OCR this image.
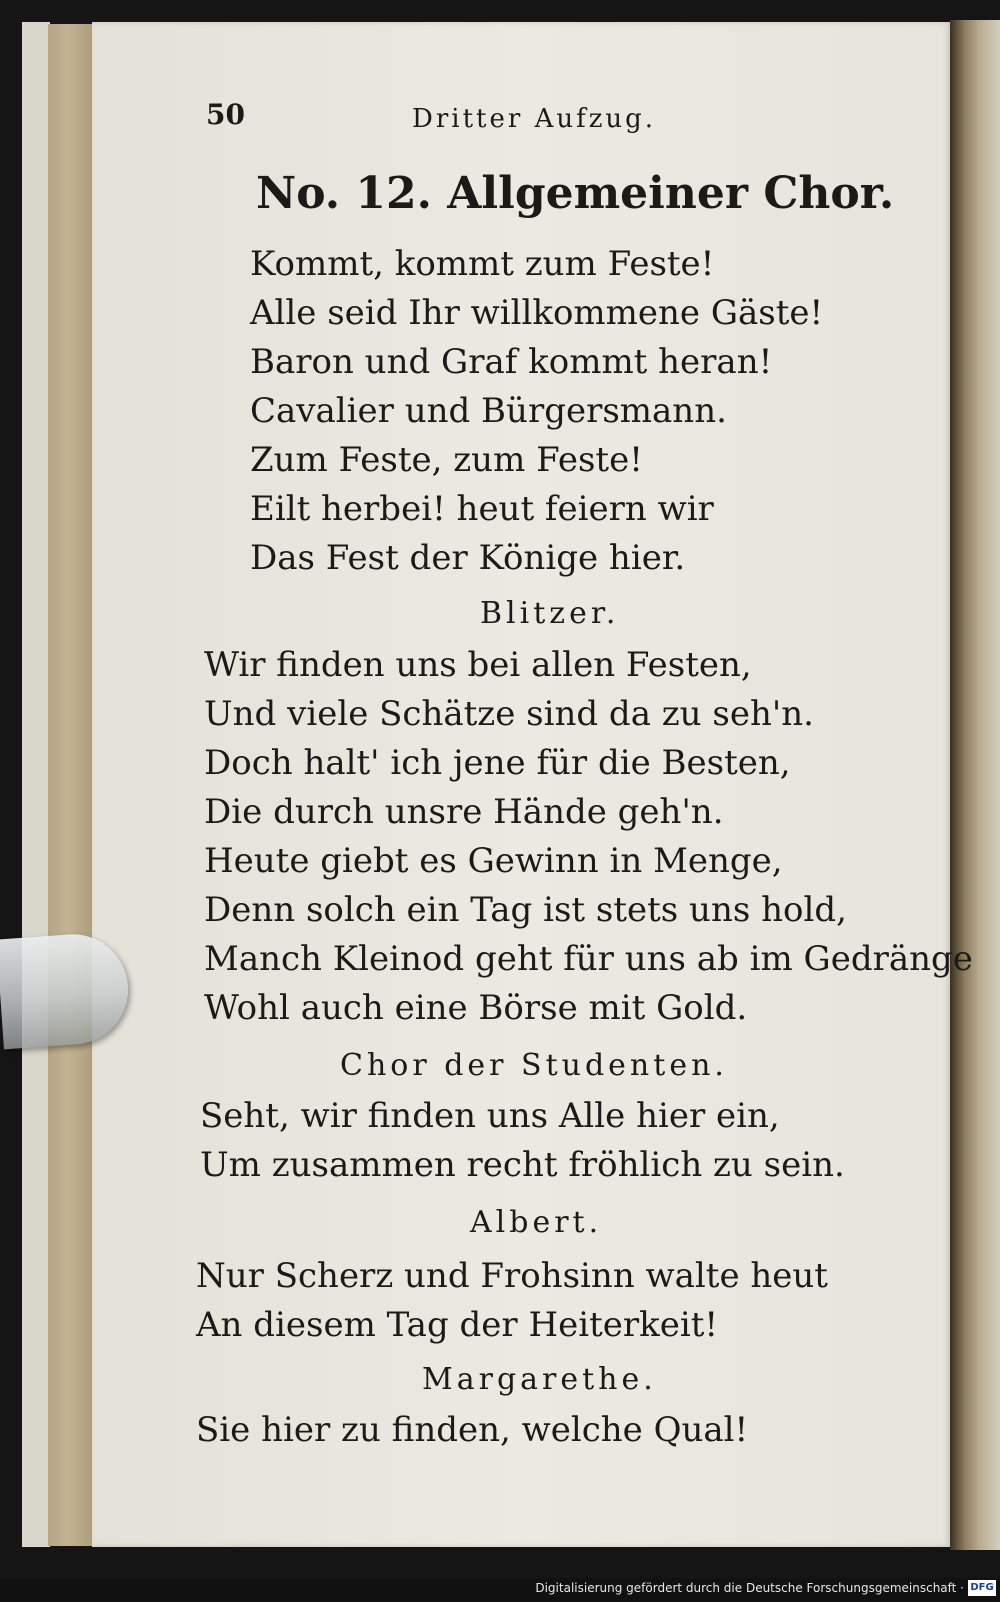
50	Dritter Aufzug.
No. 12. Allgemeiner Chor.
Kommt, kommt zum Feste!
Alle seid Ihr willkommene Gäste!
Baron und Graf kommt heran!
Cavalier und Bürgersmann.
Zum Feste, zum Feste!
Eilt herbei! heut feiern wir
Das Fest der Könige hier.
Blitzer.
Wir finden uns bei allen Festen,
Und viele Schätze sind da zu seh'n.
Doch halt' ich jene für die Besten,
Die durch unsre Hände geh'n.
Heute giebt es Gewinn in Menge,
Denn solch ein Tag ist stets uns hold,
Manch Kleinod geht für uns ab im Gedränge
Wohl auch eine Börse mit Gold.
Chor der Studenten.
Seht, wir finden uns Alle hier ein,
Um zusammen recht fröhlich zu sein.
Albert.
Nur Scherz und Frohsinn walte heut
An diesem Tag der Heiterkeit!
Margarethe.
Sie hier zu finden, welche Qual!
Digitalisierung gefördert durch die Deutsche Forschungsgemeinschaft · DFG
